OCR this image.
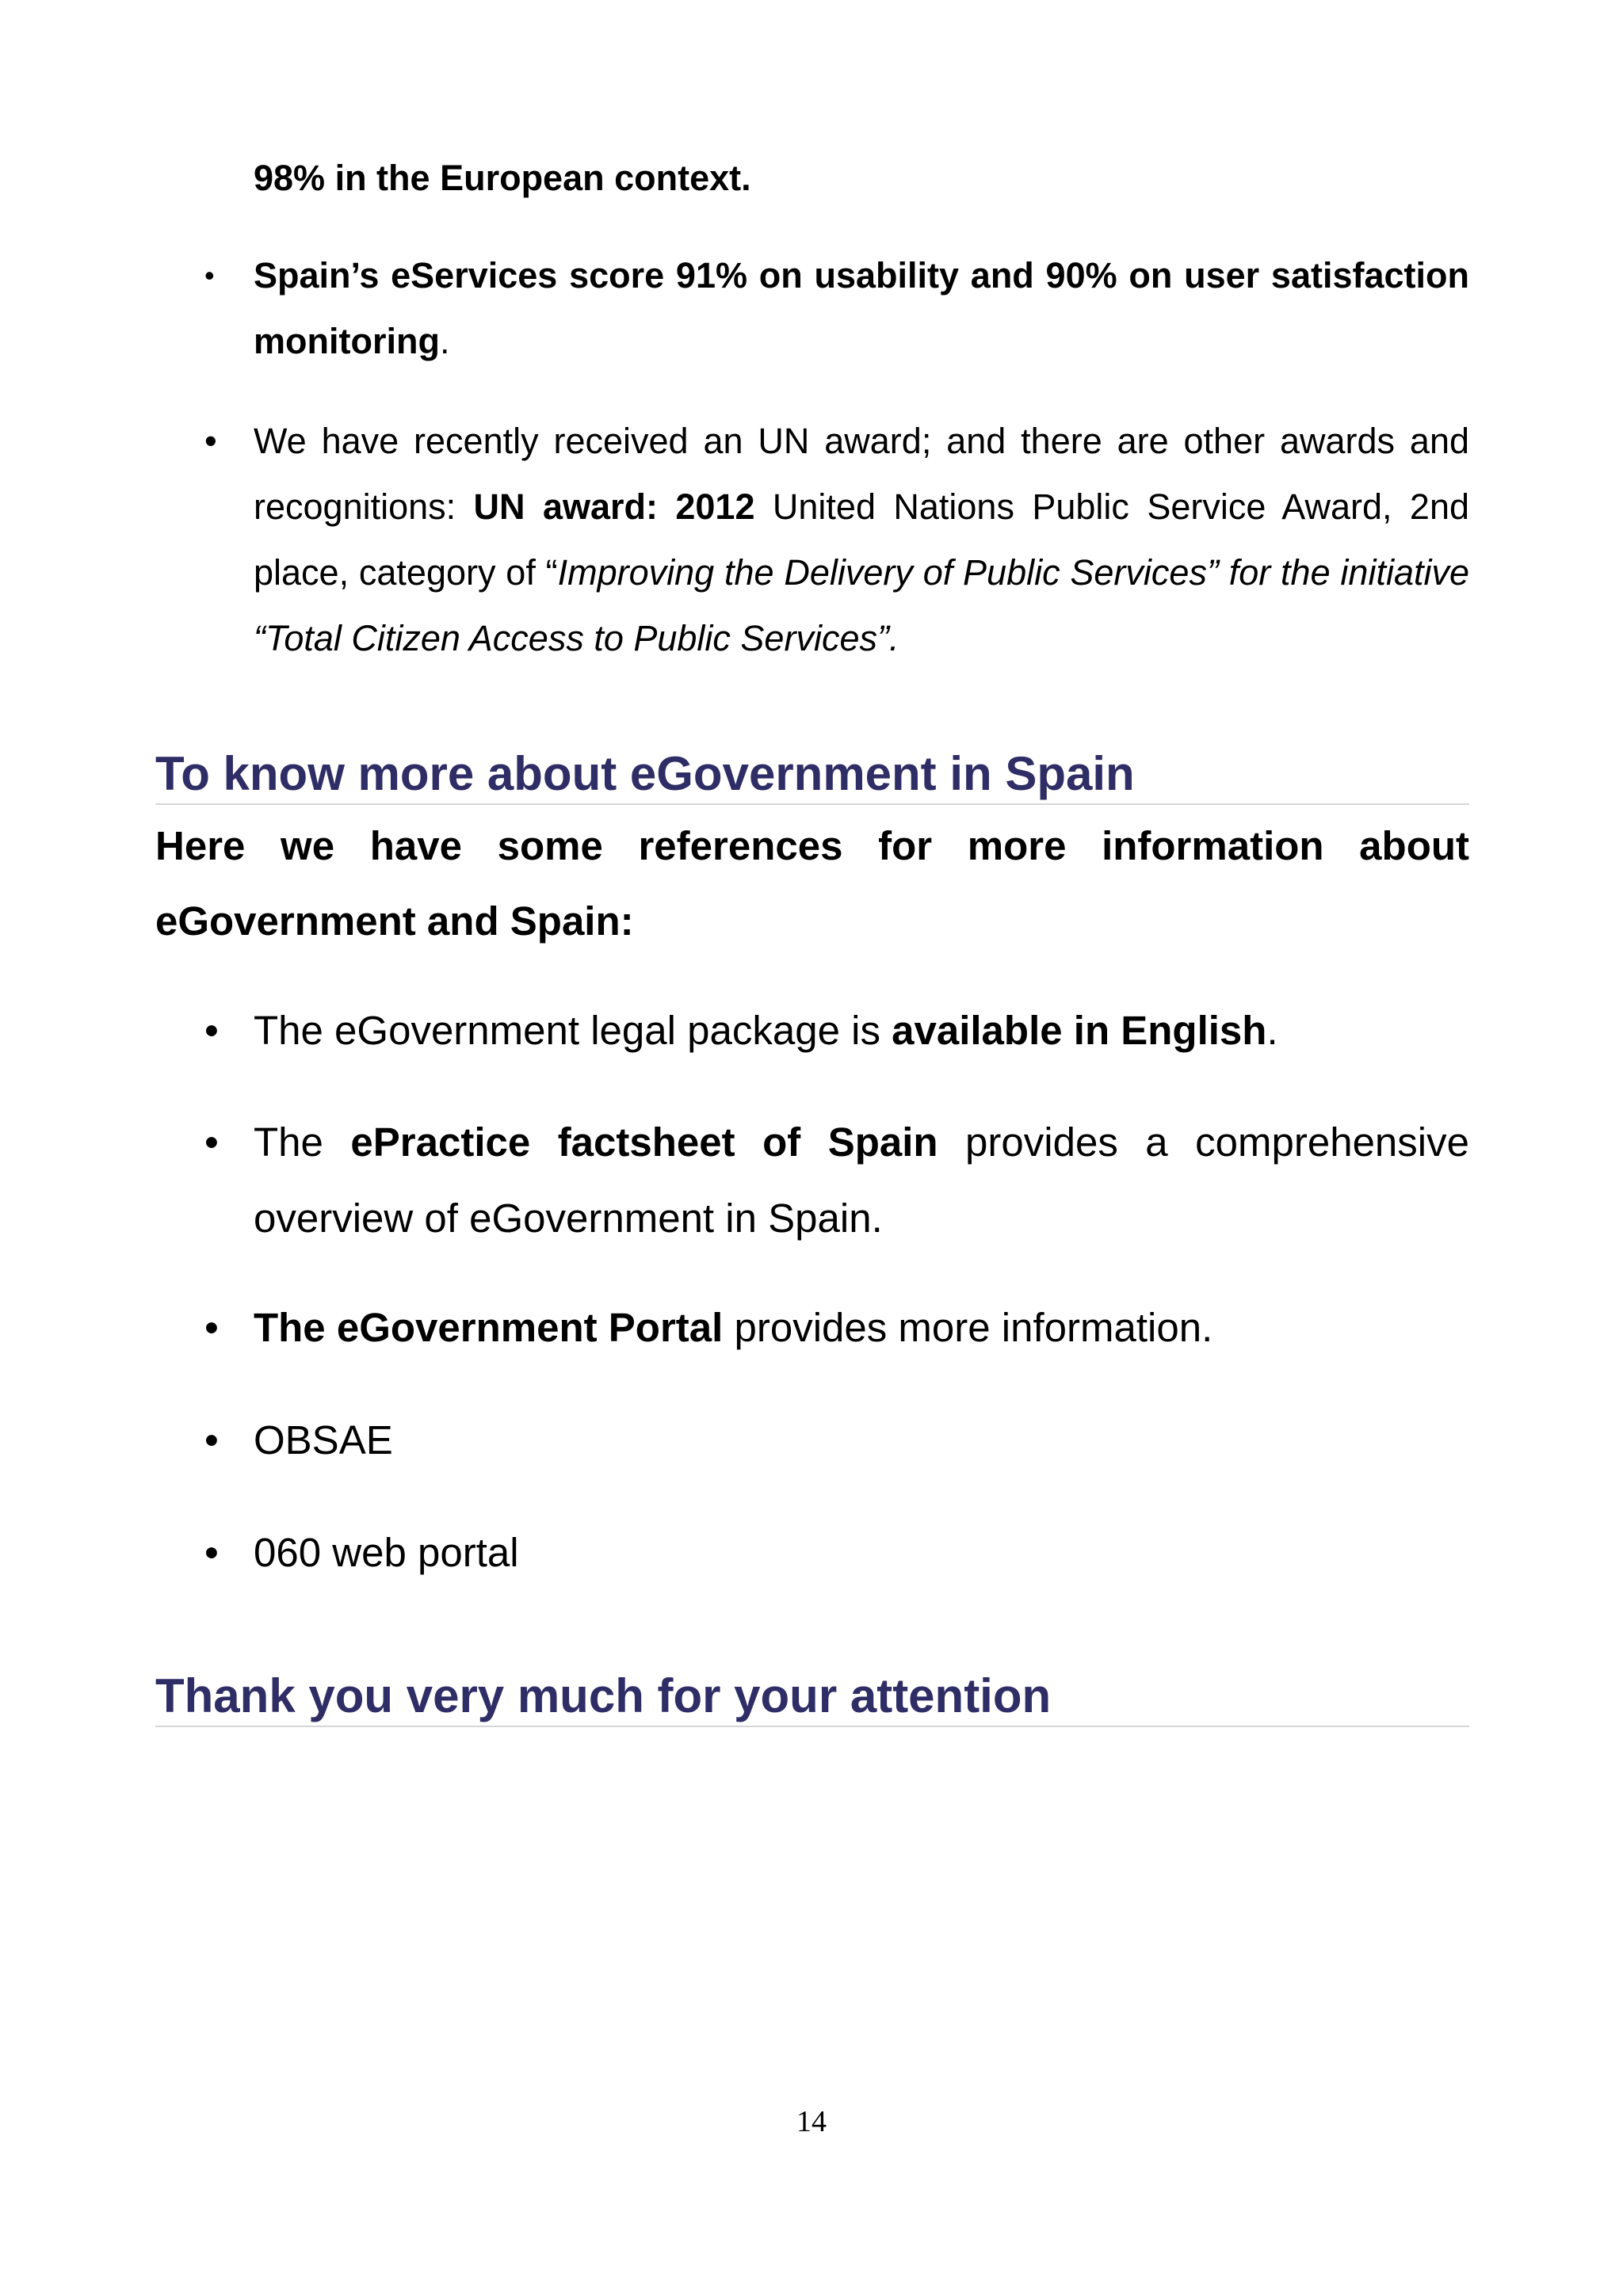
98% in the European context.

• Spain’s eServices score 91% on usability and 90% on user satisfaction monitoring.
• We have recently received an UN award; and there are other awards and recognitions: UN award: 2012 United Nations Public Service Award, 2nd place, category of “Improving the Delivery of Public Services” for the initiative “Total Citizen Access to Public Services”.
To know more about eGovernment in Spain

Here we have some references for more information about eGovernment and Spain:

• The eGovernment legal package is available in English.
• The ePractice factsheet of Spain provides a comprehensive overview of eGovernment in Spain.
• The eGovernment Portal provides more information.
• OBSAE
• 060 web portal
Thank you very much for your attention
14
